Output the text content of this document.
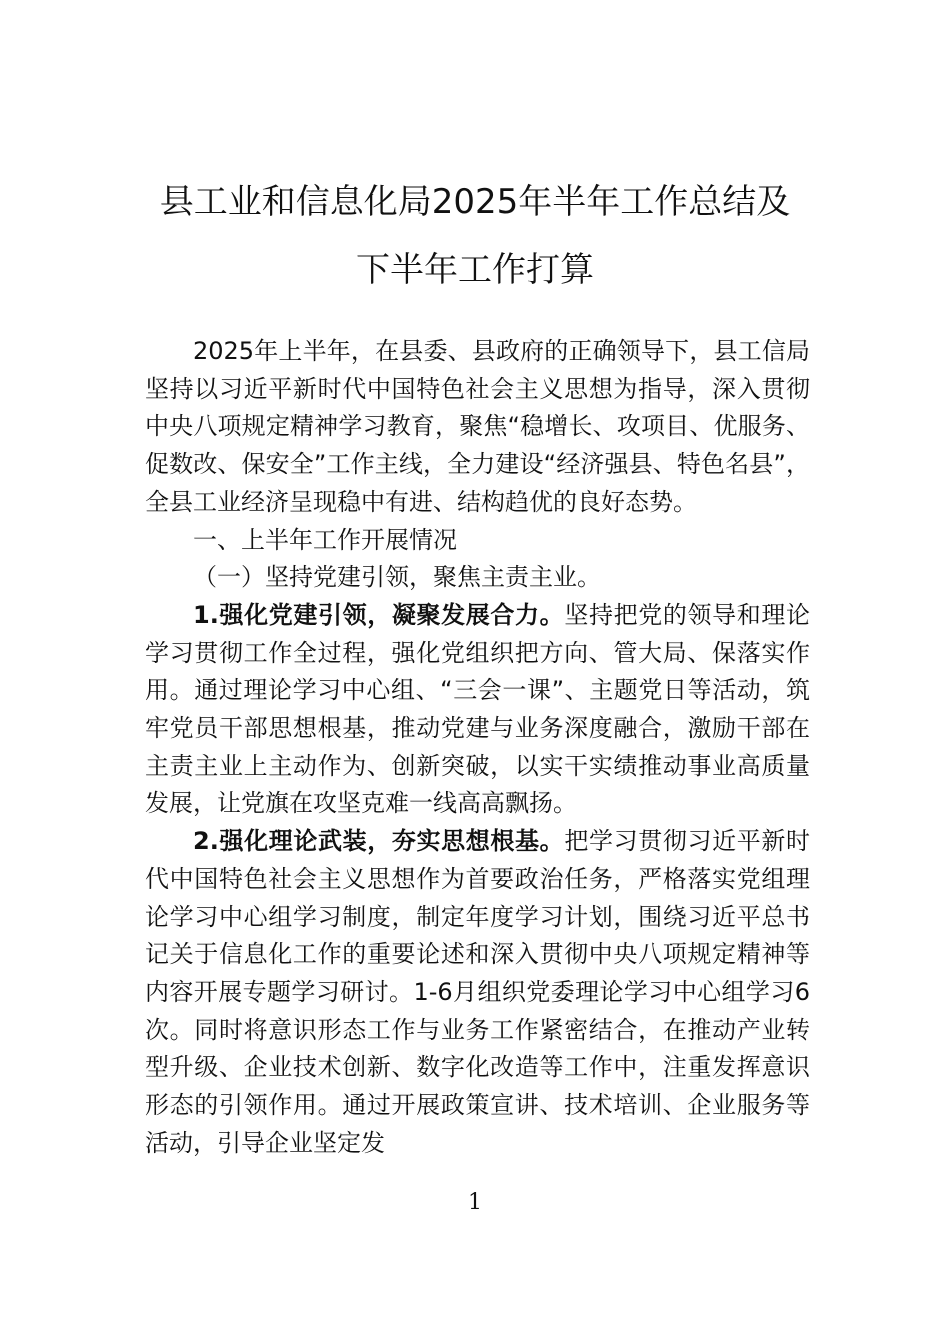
县工业和信息化局2025年半年工作总结及

下半年工作打算

2025年上半年，在县委、县政府的正确领导下，县工信局坚持以习近平新时代中国特色社会主义思想为指导，深入贯彻中央八项规定精神学习教育，聚焦“稳增长、攻项目、优服务、促数改、保安全”工作主线，全力建设“经济强县、特色名县”，全县工业经济呈现稳中有进、结构趋优的良好态势。

一、上半年工作开展情况

（一）坚持党建引领，聚焦主责主业。

1.强化党建引领，凝聚发展合力。坚持把党的领导和理论学习贯彻工作全过程，强化党组织把方向、管大局、保落实作用。通过理论学习中心组、“三会一课”、主题党日等活动，筑牢党员干部思想根基，推动党建与业务深度融合，激励干部在主责主业上主动作为、创新突破，以实干实绩推动事业高质量发展，让党旗在攻坚克难一线高高飘扬。

2.强化理论武装，夯实思想根基。把学习贯彻习近平新时代中国特色社会主义思想作为首要政治任务，严格落实党组理论学习中心组学习制度，制定年度学习计划，围绕习近平总书记关于信息化工作的重要论述和深入贯彻中央八项规定精神等内容开展专题学习研讨。1-6月组织党委理论学习中心组学习6次。同时将意识形态工作与业务工作紧密结合，在推动产业转型升级、企业技术创新、数字化改造等工作中，注重发挥意识形态的引领作用。通过开展政策宣讲、技术培训、企业服务等活动，引导企业坚定发

1
